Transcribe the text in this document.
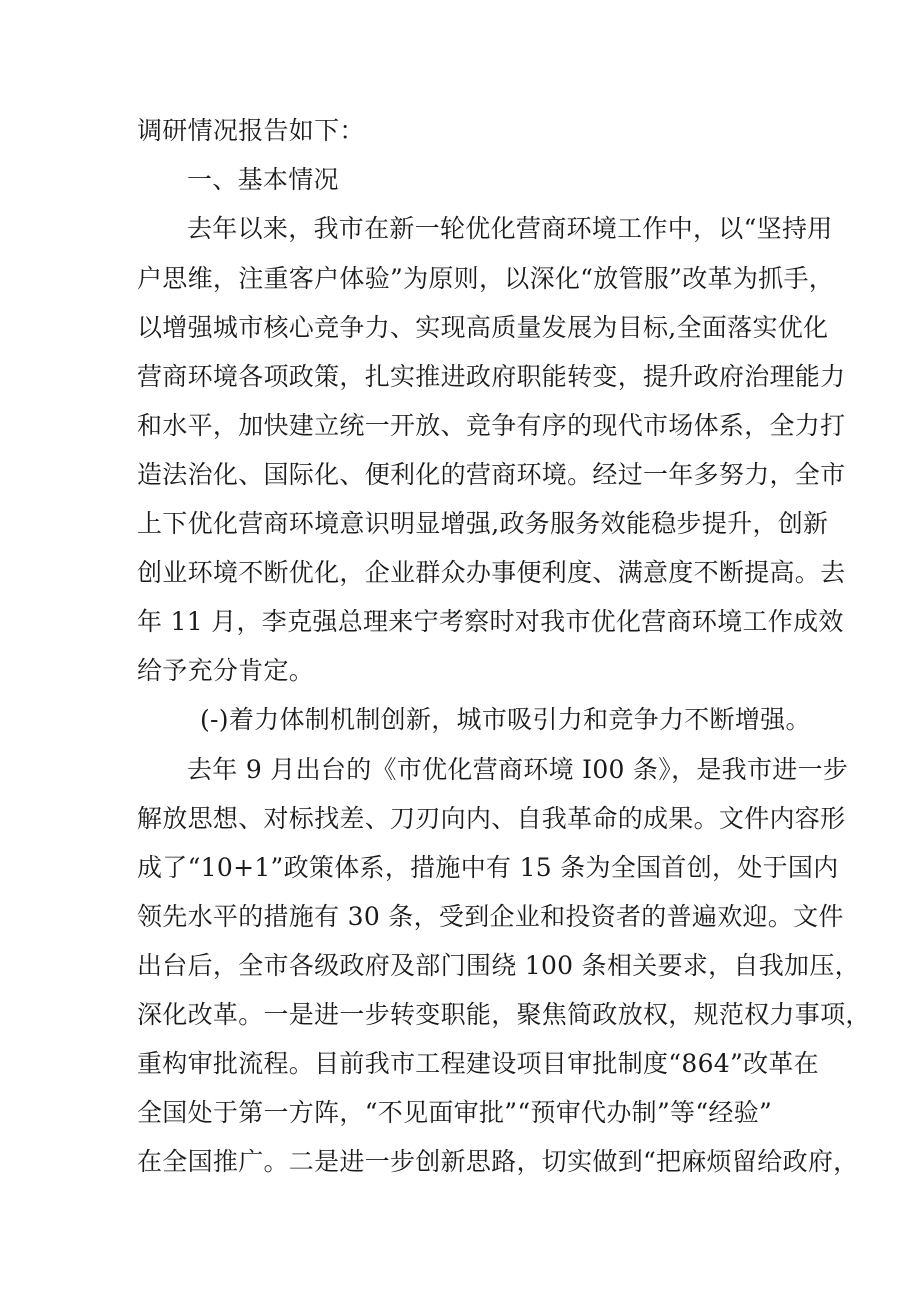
调研情况报告如下：
一、基本情况
去年以来，我市在新一轮优化营商环境工作中，以“坚持用
户思维，注重客户体验”为原则，以深化“放管服”改革为抓手，
以增强城市核心竞争力、实现高质量发展为目标,全面落实优化
营商环境各项政策，扎实推进政府职能转变，提升政府治理能力
和水平，加快建立统一开放、竞争有序的现代市场体系，全力打
造法治化、国际化、便利化的营商环境。经过一年多努力，全市
上下优化营商环境意识明显增强,政务服务效能稳步提升，创新
创业环境不断优化，企业群众办事便利度、满意度不断提高。去
年 11 月，李克强总理来宁考察时对我市优化营商环境工作成效
给予充分肯定。
(-)着力体制机制创新，城市吸引力和竞争力不断增强。
去年 9 月出台的《市优化营商环境 I00 条》，是我市进一步
解放思想、对标找差、刀刃向内、自我革命的成果。文件内容形
成了“10+1”政策体系，措施中有 15 条为全国首创，处于国内
领先水平的措施有 30 条，受到企业和投资者的普遍欢迎。文件
出台后，全市各级政府及部门围绕 100 条相关要求，自我加压，
深化改革。一是进一步转变职能，聚焦简政放权，规范权力事项，
重构审批流程。目前我市工程建设项目审批制度“864”改革在
全国处于第一方阵，“不见面审批”“预审代办制”等“经验”
在全国推广。二是进一步创新思路，切实做到“把麻烦留给政府，
